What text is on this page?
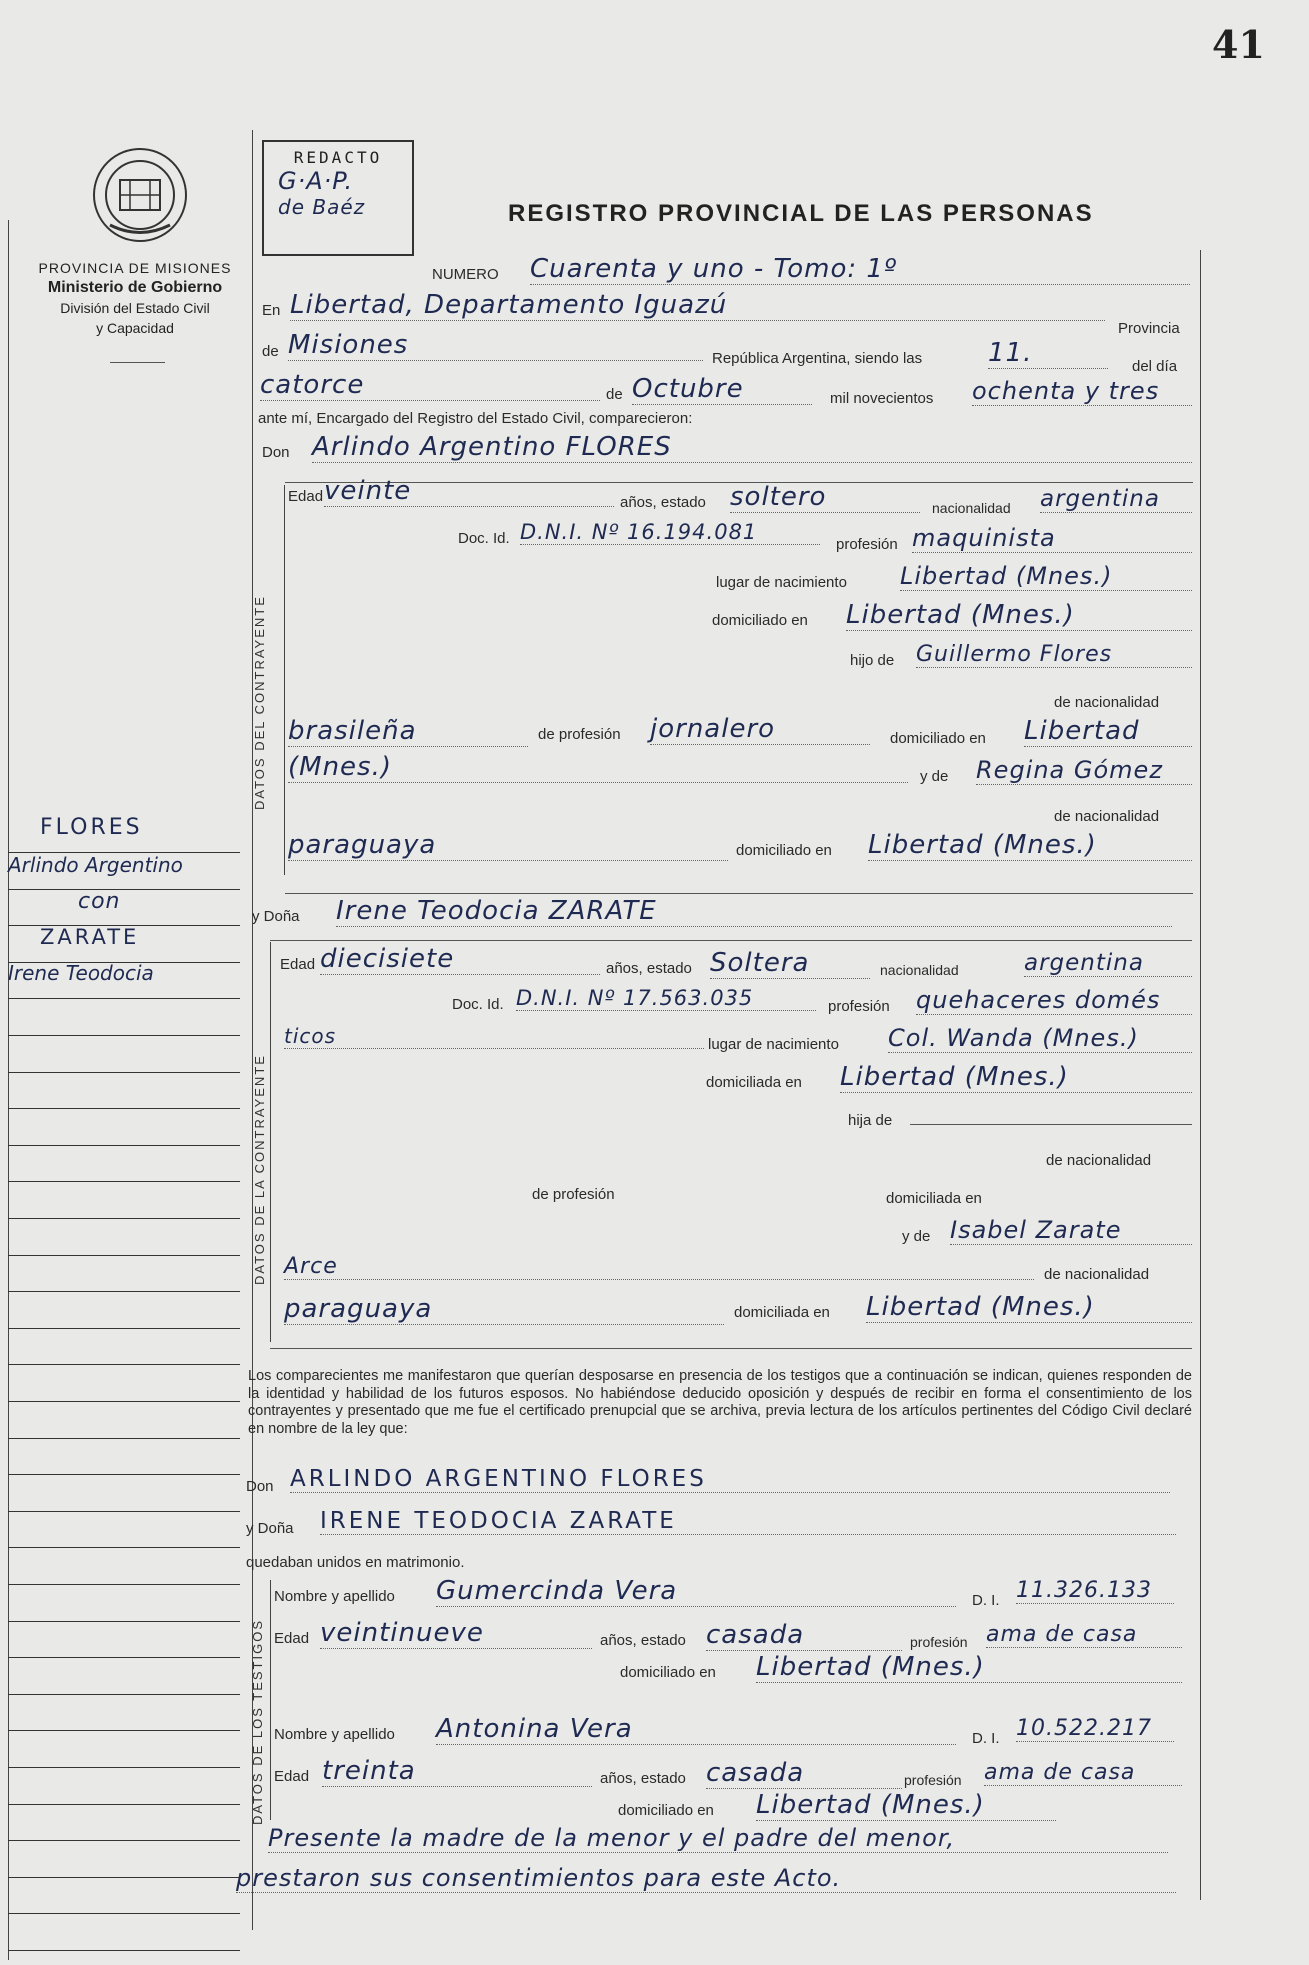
41
PROVINCIA DE MISIONES
Ministerio de Gobierno
División del Estado Civil
y Capacidad
REDACTO
G·A·P.
de Baéz	REGISTRO PROVINCIAL DE LAS PERSONAS
NUMERO Cuarenta y uno - Tomo: 1º
En Libertad, Departamento Iguazú
Provincia
de Misiones	República Argentina, siendo las	11.	del día
catorce	de Octubre	mil novecientos ochenta y tres
ante mí, Encargado del Registro del Estado Civil, comparecieron:
Don Arlindo Argentino FLORES
DATOS DEL CONTRAYENTE
Edad veinte	años, estado soltero	nacionalidad argentina
Doc. Id. D.N.I. Nº 16.194.081
profesión maquinista
lugar de nacimiento Libertad (Mnes.)
domiciliado en Libertad (Mnes.)
hijo de Guillermo Flores
de nacionalidad
brasileña	de profesión jornalero	domiciliado en Libertad
(Mnes.)	y de Regina Gómez
de nacionalidad
paraguaya	domiciliado en Libertad (Mnes.)
y Doña Irene Teodocia ZARATE
DATOS DE LA CONTRAYENTE
Edad diecisiete	años, estado Soltera	nacionalidad	argentina
Doc. Id. D.N.I. Nº 17.563.035	profesión quehaceres domés
ticos	lugar de nacimiento Col. Wanda (Mnes.)
domiciliada en Libertad (Mnes.)
hija de
de nacionalidad
de profesión	domiciliada en
y de Isabel Zarate
Arce	de nacionalidad
paraguaya	domiciliada en Libertad (Mnes.)
Los comparecientes me manifestaron que querían desposarse en presencia de los testigos que a continuación se indican, quienes responden de la identidad y habilidad de los futuros esposos. No habiéndose deducido oposición y después de recibir en forma el consentimiento de los contrayentes y presentado que me fue el certificado prenupcial que se archiva, previa lectura de los artículos pertinentes del Código Civil declaré en nombre de la ley que:
Don ARLINDO ARGENTINO FLORES
y Doña IRENE TEODOCIA ZARATE
quedaban unidos en matrimonio.
DATOS DE LOS TESTIGOS
Nombre y apellido Gumercinda Vera	D. I. 11.326.133
Edad veintinueve	años, estado casada	profesión ama de casa
domiciliado en Libertad (Mnes.)
Nombre y apellido Antonina Vera	D. I. 10.522.217
Edad treinta	años, estado casada	profesión ama de casa
domiciliado en Libertad (Mnes.)
Presente la madre de la menor y el padre del menor,
prestaron sus consentimientos para este Acto.
FLORES
Arlindo Argentino
con
ZARATE
Irene Teodocia
